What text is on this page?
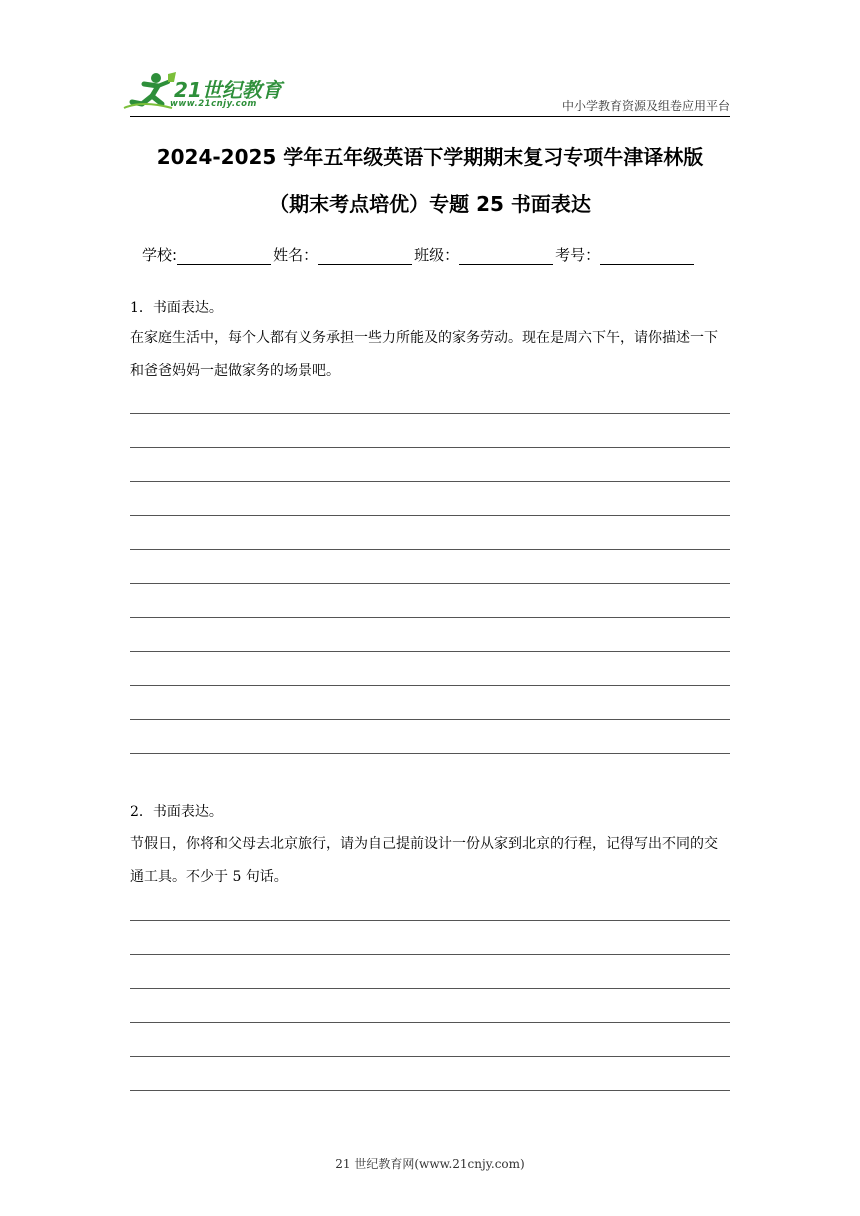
21世纪教育
www.21cnjy.com	中小学教育资源及组卷应用平台
2024-2025 学年五年级英语下学期期末复习专项牛津译林版
（期末考点培优）专题 25 书面表达
学校:	姓名：	班级：	考号：
1．书面表达。
在家庭生活中，每个人都有义务承担一些力所能及的家务劳动。现在是周六下午，请你描述一下和爸爸妈妈一起做家务的场景吧。
2．书面表达。
节假日，你将和父母去北京旅行，请为自己提前设计一份从家到北京的行程，记得写出不同的交通工具。不少于 5 句话。
21 世纪教育网(www.21cnjy.com)
